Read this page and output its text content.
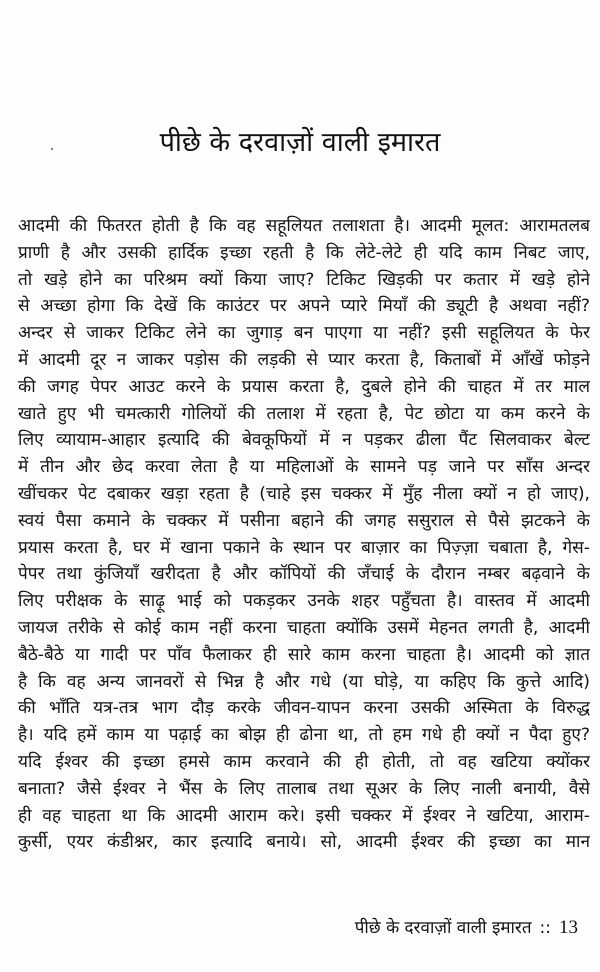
पीछे के दरवाज़ों वाली इमारत
आदमी की फितरत होती है कि वह सहूलियत तलाशता है। आदमी मूलत: आरामतलब
प्राणी है और उसकी हार्दिक इच्छा रहती है कि लेटे-लेटे ही यदि काम निबट जाए,
तो खड़े होने का परिश्रम क्यों किया जाए? टिकिट खिड़की पर कतार में खड़े होने
से अच्छा होगा कि देखें कि काउंटर पर अपने प्यारे मियाँ की ड्यूटी है अथवा नहीं?
अन्दर से जाकर टिकिट लेने का जुगाड़ बन पाएगा या नहीं? इसी सहूलियत के फेर
में आदमी दूर न जाकर पड़ोस की लड़की से प्यार करता है, किताबों में आँखें फोड़ने
की जगह पेपर आउट करने के प्रयास करता है, दुबले होने की चाहत में तर माल
खाते हुए भी चमत्कारी गोलियों की तलाश में रहता है, पेट छोटा या कम करने के
लिए व्यायाम-आहार इत्यादि की बेवकूफियों में न पड़कर ढीला पैंट सिलवाकर बेल्ट
में तीन और छेद करवा लेता है या महिलाओं के सामने पड़ जाने पर साँस अन्दर
खींचकर पेट दबाकर खड़ा रहता है (चाहे इस चक्कर में मुँह नीला क्यों न हो जाए),
स्वयं पैसा कमाने के चक्कर में पसीना बहाने की जगह ससुराल से पैसे झटकने के
प्रयास करता है, घर में खाना पकाने के स्थान पर बाज़ार का पिज़्ज़ा चबाता है, गेस-
पेपर तथा कुंजियाँ खरीदता है और कॉपियों की जँचाई के दौरान नम्बर बढ़वाने के
लिए परीक्षक के साढ़ू भाई को पकड़कर उनके शहर पहुँचता है। वास्तव में आदमी
जायज तरीके से कोई काम नहीं करना चाहता क्योंकि उसमें मेहनत लगती है, आदमी
बैठे-बैठे या गादी पर पाँव फैलाकर ही सारे काम करना चाहता है। आदमी को ज्ञात
है कि वह अन्य जानवरों से भिन्न है और गधे (या घोड़े, या कहिए कि कुत्ते आदि)
की भाँति यत्र-तत्र भाग दौड़ करके जीवन-यापन करना उसकी अस्मिता के विरुद्ध
है। यदि हमें काम या पढ़ाई का बोझ ही ढोना था, तो हम गधे ही क्यों न पैदा हुए?
यदि ईश्वर की इच्छा हमसे काम करवाने की ही होती, तो वह खटिया क्योंकर
बनाता? जैसे ईश्वर ने भैंस के लिए तालाब तथा सूअर के लिए नाली बनायी, वैसे
ही वह चाहता था कि आदमी आराम करे। इसी चक्कर में ईश्वर ने खटिया, आराम-
कुर्सी, एयर कंडीश्नर, कार इत्यादि बनाये। सो, आदमी ईश्वर की इच्छा का मान
पीछे के दरवाज़ों वाली इमारत :: 13
